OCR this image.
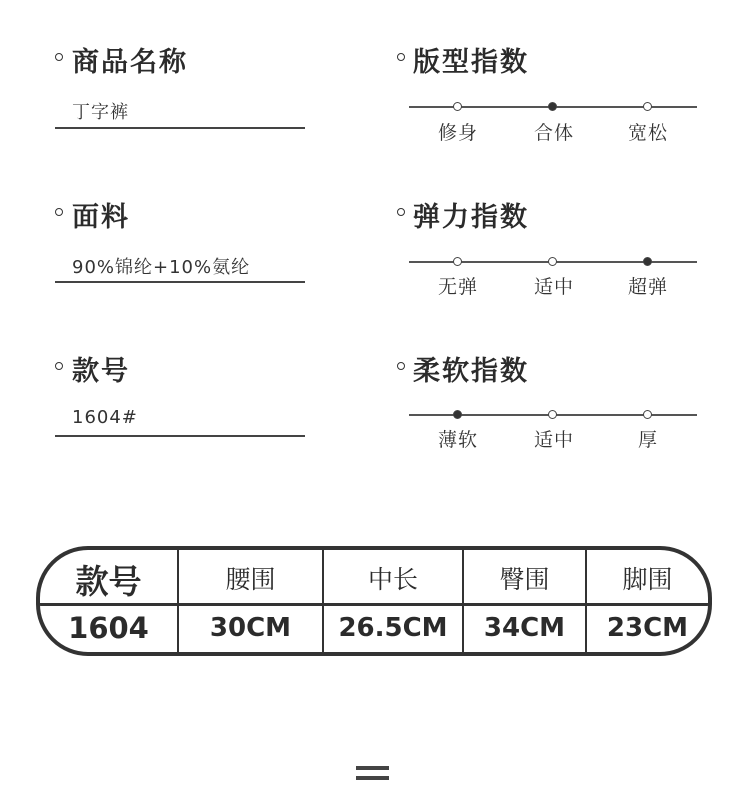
商品名称
丁字裤
面料
90%锦纶+10%氨纶
款号
1604#
版型指数
修身	合体	宽松
弹力指数
无弹	适中	超弹
柔软指数
薄软	适中	厚
款号	腰围	中长	臀围	脚围
1604	30CM	26.5CM	34CM	23CM
